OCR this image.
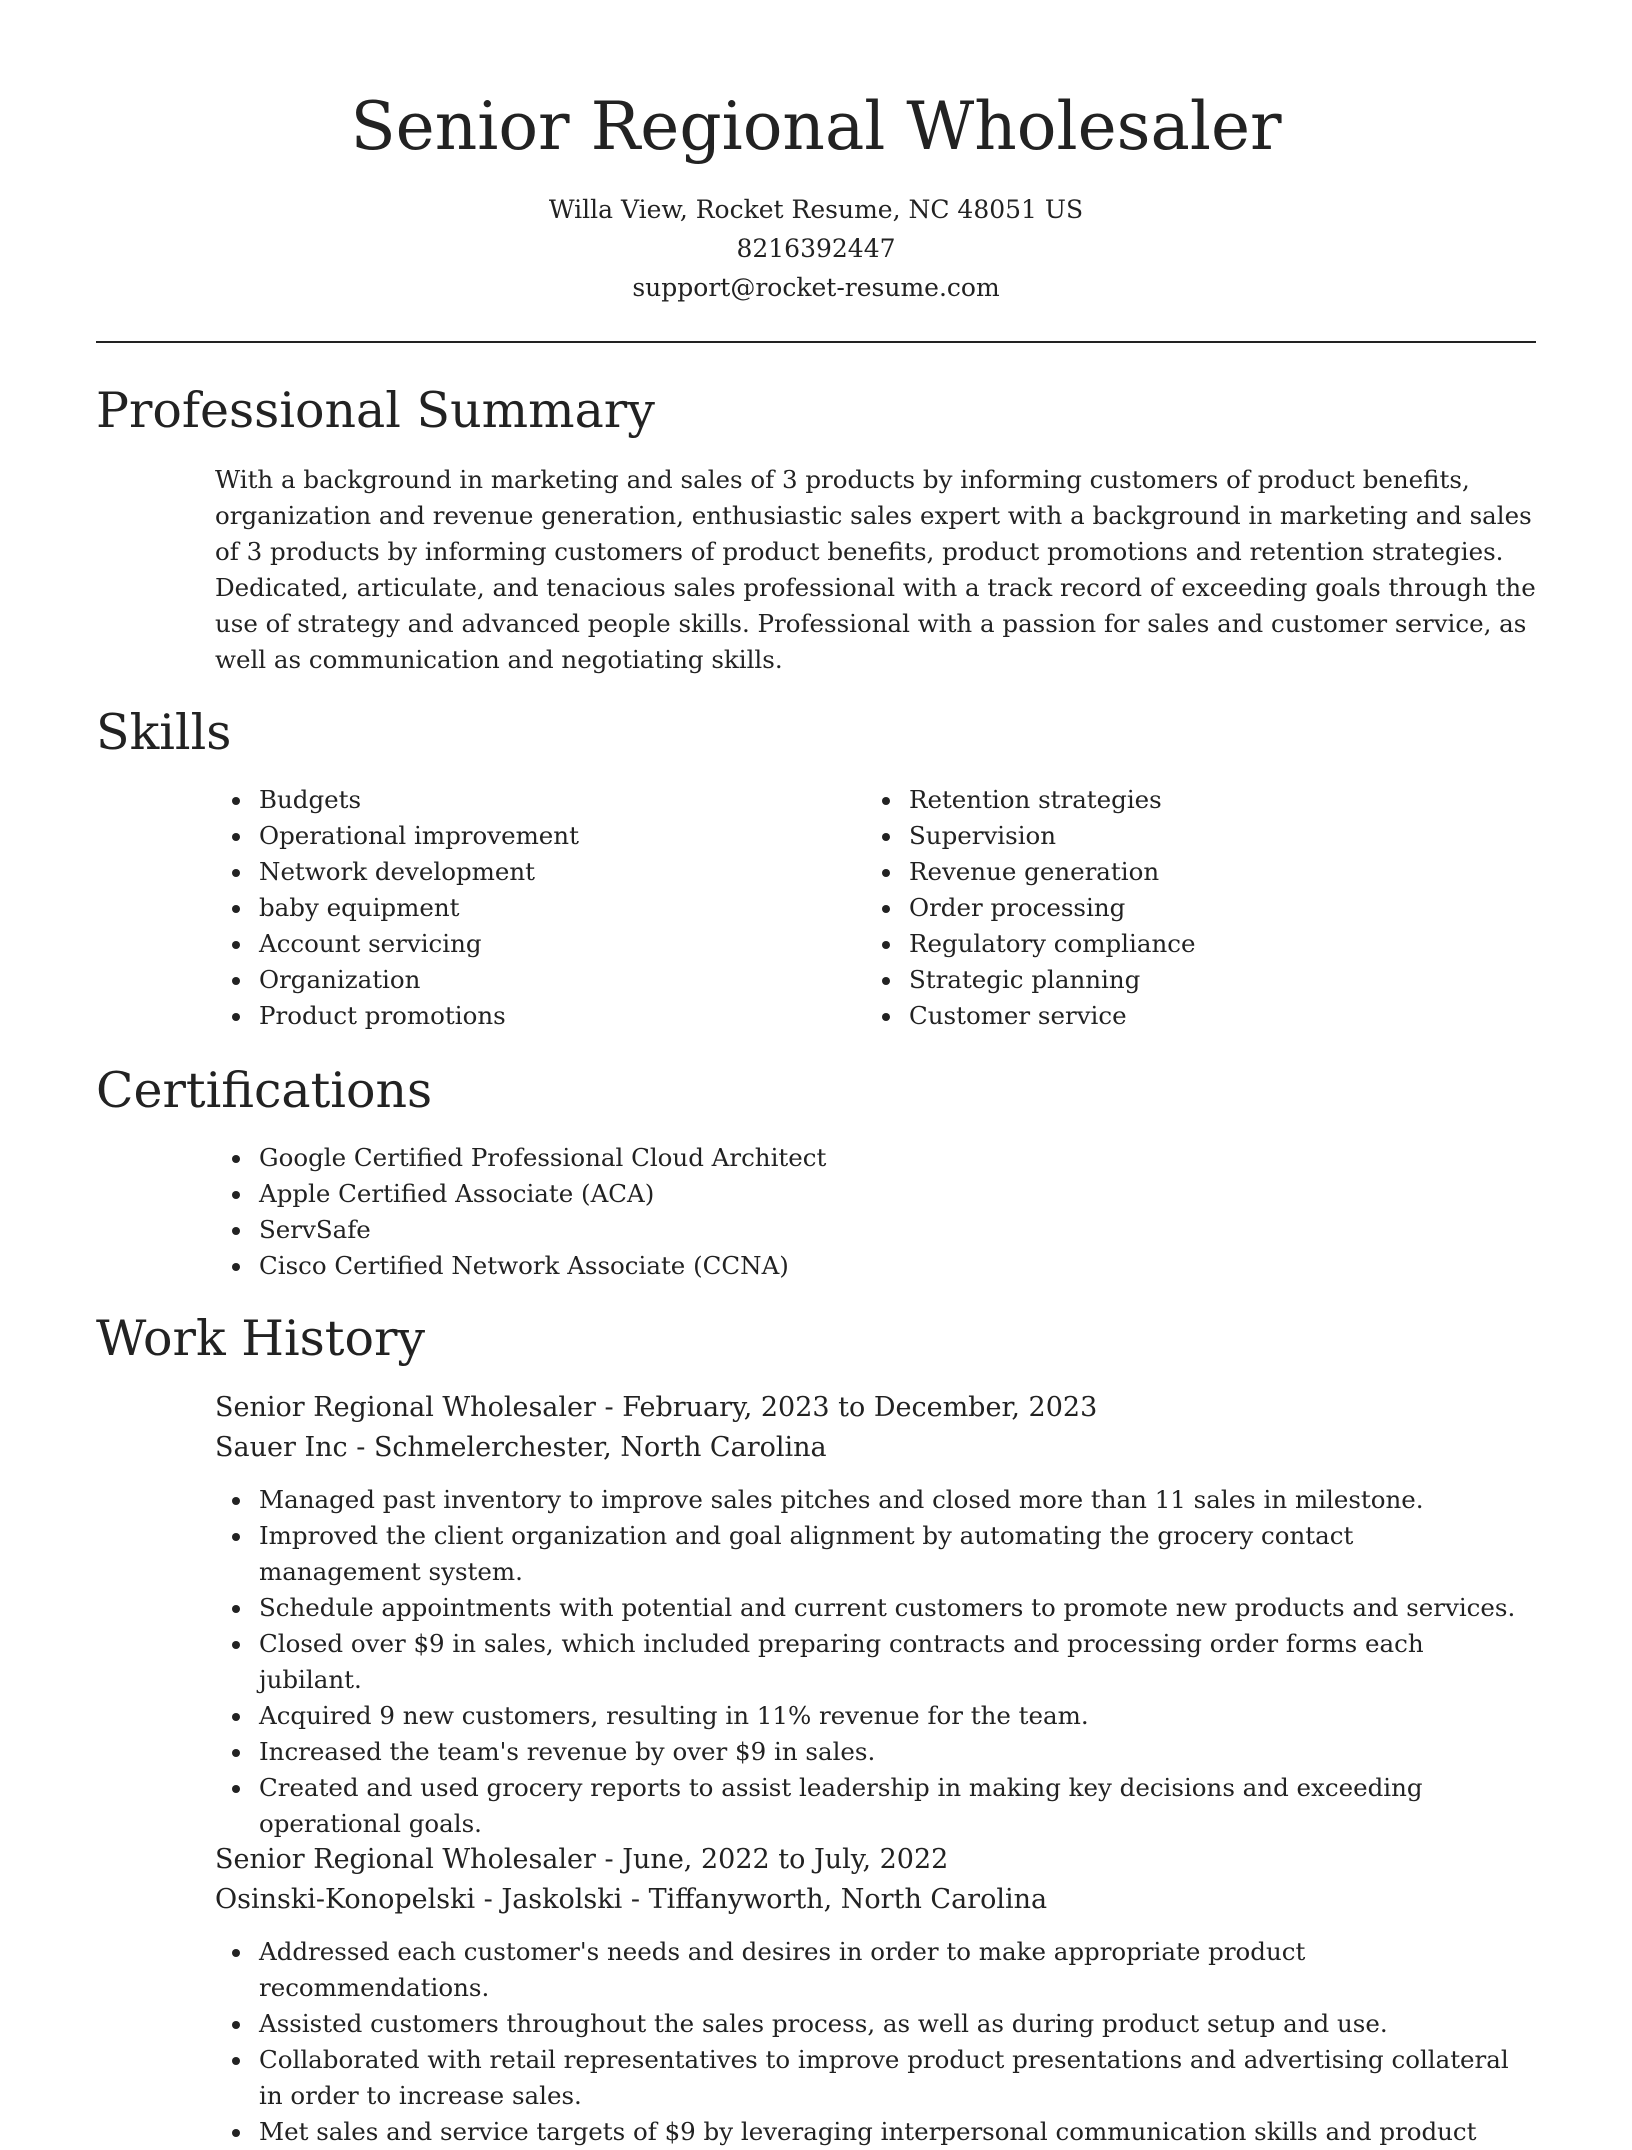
Senior Regional Wholesaler
Willa View, Rocket Resume, NC 48051 US
8216392447
support@rocket-resume.com
Professional Summary

With a background in marketing and sales of 3 products by informing customers of product benefits, organization and revenue generation, enthusiastic sales expert with a background in marketing and sales of 3 products by informing customers of product benefits, product promotions and retention strategies. Dedicated, articulate, and tenacious sales professional with a track record of exceeding goals through the use of strategy and advanced people skills. Professional with a passion for sales and customer service, as well as communication and negotiating skills.

Skills
Budgets
Operational improvement
Network development
baby equipment
Account servicing
Organization
Product promotions
Retention strategies
Supervision
Revenue generation
Order processing
Regulatory compliance
Strategic planning
Customer service
Certifications
Google Certified Professional Cloud Architect
Apple Certified Associate (ACA)
ServSafe
Cisco Certified Network Associate (CCNA)
Work History
Senior Regional Wholesaler - February, 2023 to December, 2023
Sauer Inc - Schmelerchester, North Carolina
Managed past inventory to improve sales pitches and closed more than 11 sales in milestone.
Improved the client organization and goal alignment by automating the grocery contact management system.
Schedule appointments with potential and current customers to promote new products and services.
Closed over $9 in sales, which included preparing contracts and processing order forms each jubilant.
Acquired 9 new customers, resulting in 11% revenue for the team.
Increased the team's revenue by over $9 in sales.
Created and used grocery reports to assist leadership in making key decisions and exceeding operational goals.
Senior Regional Wholesaler - June, 2022 to July, 2022
Osinski-Konopelski - Jaskolski - Tiffanyworth, North Carolina
Addressed each customer's needs and desires in order to make appropriate product recommendations.
Assisted customers throughout the sales process, as well as during product setup and use.
Collaborated with retail representatives to improve product presentations and advertising collateral in order to increase sales.
Met sales and service targets of $9 by leveraging interpersonal communication skills and product
